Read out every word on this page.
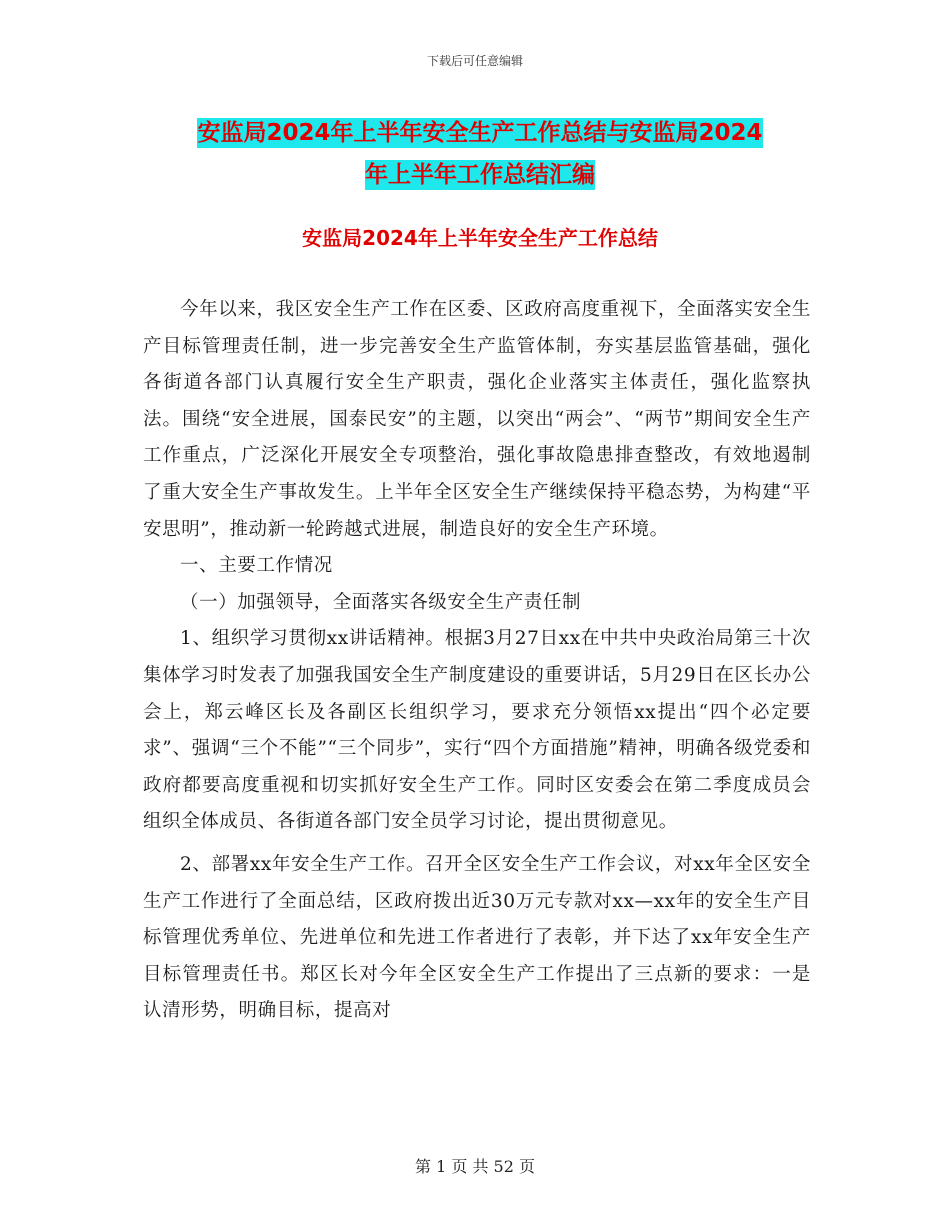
下载后可任意编辑
安监局2024年上半年安全生产工作总结与安监局2024
年上半年工作总结汇编
安监局2024年上半年安全生产工作总结

今年以来，我区安全生产工作在区委、区政府高度重视下，全面落实安全生产目标管理责任制，进一步完善安全生产监管体制，夯实基层监管基础，强化各街道各部门认真履行安全生产职责，强化企业落实主体责任，强化监察执法。围绕“安全进展，国泰民安”的主题，以突出“两会”、“两节”期间安全生产工作重点，广泛深化开展安全专项整治，强化事故隐患排查整改，有效地遏制了重大安全生产事故发生。上半年全区安全生产继续保持平稳态势，为构建“平安思明”，推动新一轮跨越式进展，制造良好的安全生产环境。

一、主要工作情况

（一）加强领导，全面落实各级安全生产责任制

1、组织学习贯彻xx讲话精神。根据3月27日xx在中共中央政治局第三十次集体学习时发表了加强我国安全生产制度建设的重要讲话，5月29日在区长办公会上，郑云峰区长及各副区长组织学习，要求充分领悟xx提出“四个必定要求”、强调“三个不能”“三个同步”，实行“四个方面措施”精神，明确各级党委和政府都要高度重视和切实抓好安全生产工作。同时区安委会在第二季度成员会组织全体成员、各街道各部门安全员学习讨论，提出贯彻意见。

2、部署xx年安全生产工作。召开全区安全生产工作会议，对xx年全区安全生产工作进行了全面总结，区政府拨出近30万元专款对xx—xx年的安全生产目标管理优秀单位、先进单位和先进工作者进行了表彰，并下达了xx年安全生产目标管理责任书。郑区长对今年全区安全生产工作提出了三点新的要求：一是认清形势，明确目标，提高对

第 1 页 共 52 页
